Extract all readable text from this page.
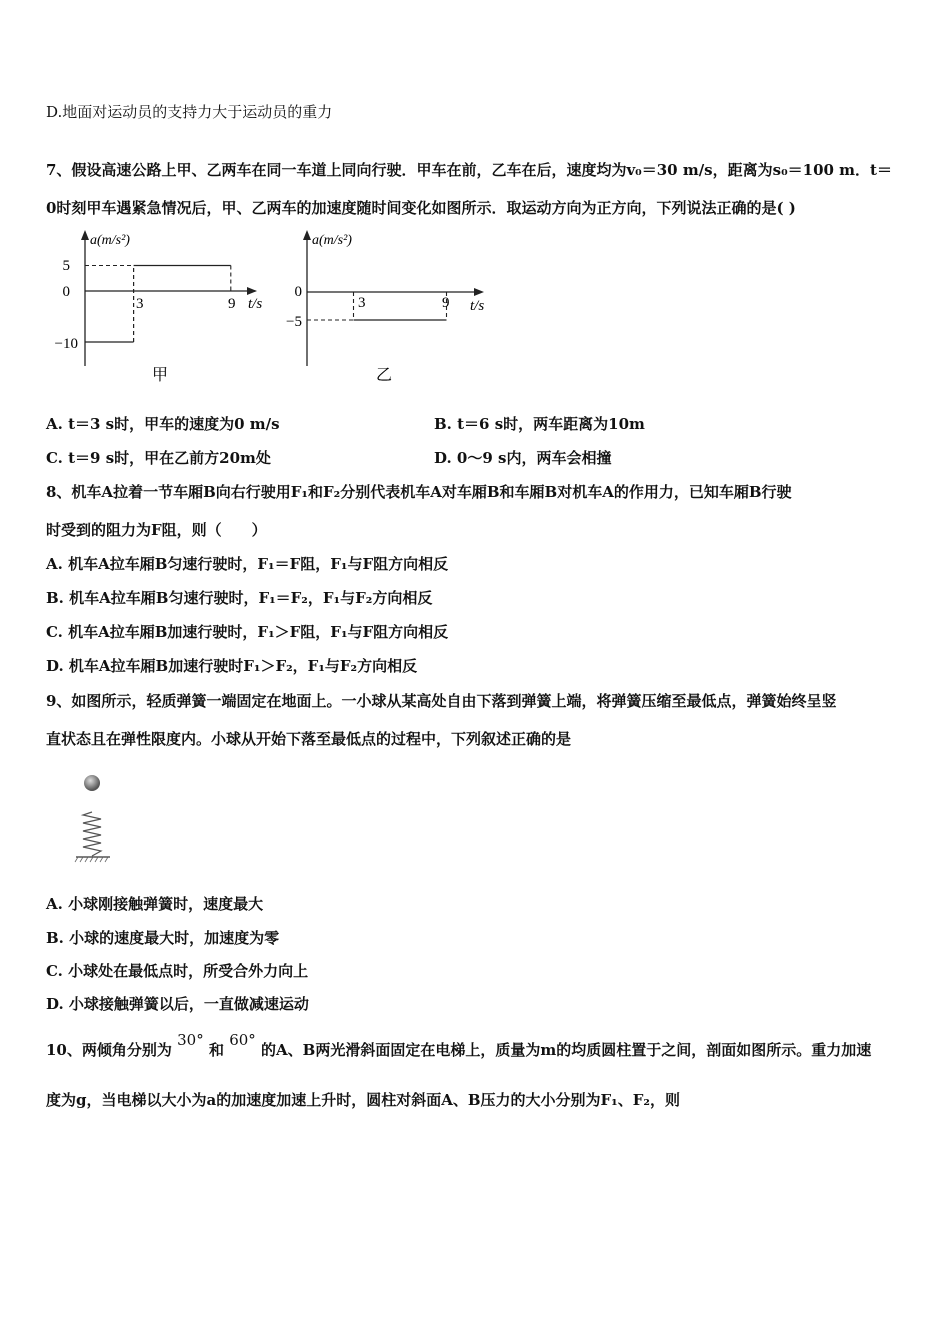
D.地面对运动员的支持力大于运动员的重力
7、假设高速公路上甲、乙两车在同一车道上同向行驶．甲车在前，乙车在后，速度均为v₀＝30 m/s，距离为s₀＝100 m．t＝
0时刻甲车遇紧急情况后，甲、乙两车的加速度随时间变化如图所示．取运动方向为正方向，下列说法正确的是( )
a(m/s²)
5
0
−10
3	9 t/s
甲
a(m/s²)
0
−5
3	9 t/s
乙
A. t＝3 s时，甲车的速度为0 m/s	B. t＝6 s时，两车距离为10m
C. t＝9 s时，甲在乙前方20m处	D. 0～9 s内，两车会相撞
8、机车A拉着一节车厢B向右行驶用F₁和F₂分别代表机车A对车厢B和车厢B对机车A的作用力，已知车厢B行驶
时受到的阻力为F阻，则（　　）
A. 机车A拉车厢B匀速行驶时，F₁＝F阻，F₁与F阻方向相反
B. 机车A拉车厢B匀速行驶时，F₁＝F₂，F₁与F₂方向相反
C. 机车A拉车厢B加速行驶时，F₁＞F阻，F₁与F阻方向相反
D. 机车A拉车厢B加速行驶时F₁＞F₂，F₁与F₂方向相反
9、如图所示，轻质弹簧一端固定在地面上。一小球从某高处自由下落到弹簧上端，将弹簧压缩至最低点，弹簧始终呈竖
直状态且在弹性限度内。小球从开始下落至最低点的过程中，下列叙述正确的是
A. 小球刚接触弹簧时，速度最大
B. 小球的速度最大时，加速度为零
C. 小球处在最低点时，所受合外力向上
D. 小球接触弹簧以后，一直做减速运动
10、两倾角分别为 30° 和 60° 的A、B两光滑斜面固定在电梯上，质量为m的均质圆柱置于之间，剖面如图所示。重力加速
度为g，当电梯以大小为a的加速度加速上升时，圆柱对斜面A、B压力的大小分别为F₁、F₂，则
